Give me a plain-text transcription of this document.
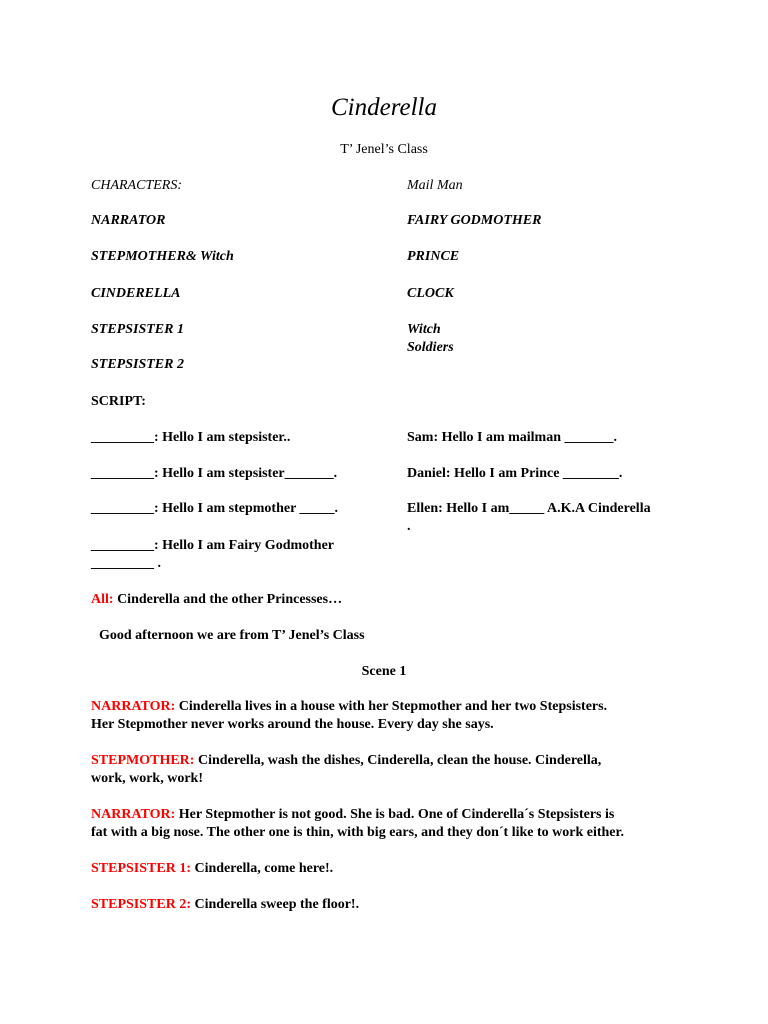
Cinderella
T’ Jenel’s Class
CHARACTERS:	Mail Man
NARRATOR	FAIRY GODMOTHER
STEPMOTHER& Witch	PRINCE
CINDERELLA	CLOCK
STEPSISTER 1	Witch
Soldiers
STEPSISTER 2
SCRIPT:
_________: Hello I am stepsister..	Sam: Hello I am mailman _______.
_________: Hello I am stepsister_______.	Daniel: Hello I am Prince ________.
_________: Hello I am stepmother _____.	Ellen: Hello I am_____ A.K.A Cinderella
.
_________: Hello I am Fairy Godmother
_________ .
All: Cinderella and the other Princesses…
Good afternoon we are from T’ Jenel’s Class
Scene 1
NARRATOR: Cinderella lives in a house with her Stepmother and her two Stepsisters.
Her Stepmother never works around the house. Every day she says.
STEPMOTHER: Cinderella, wash the dishes, Cinderella, clean the house. Cinderella,
work, work, work!
NARRATOR: Her Stepmother is not good. She is bad. One of Cinderella´s Stepsisters is
fat with a big nose. The other one is thin, with big ears, and they don´t like to work either.
STEPSISTER 1: Cinderella, come here!.
STEPSISTER 2: Cinderella sweep the floor!.
